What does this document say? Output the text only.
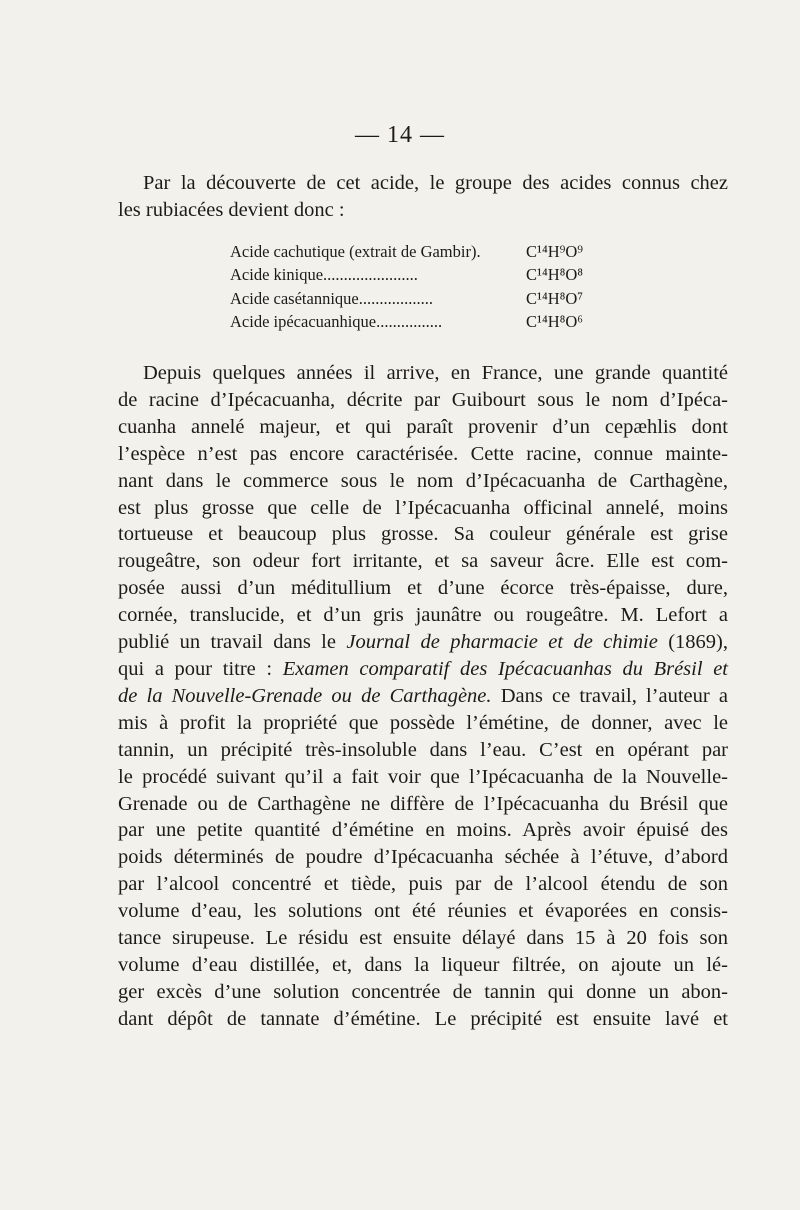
— 14 —
Par la découverte de cet acide, le groupe des acides connus chez
les rubiacées devient donc :
Acide cachutique (extrait de Gambir).	C¹⁴H⁹O⁹
Acide kinique.......................	C¹⁴H⁸O⁸
Acide casétannique..................	C¹⁴H⁸O⁷
Acide ipécacuanhique................	C¹⁴H⁸O⁶
Depuis quelques années il arrive, en France, une grande quantité
de racine d’Ipécacuanha, décrite par Guibourt sous le nom d’Ipéca-
cuanha annelé majeur, et qui paraît provenir d’un cepæhlis dont
l’espèce n’est pas encore caractérisée. Cette racine, connue mainte-
nant dans le commerce sous le nom d’Ipécacuanha de Carthagène,
est plus grosse que celle de l’Ipécacuanha officinal annelé, moins
tortueuse et beaucoup plus grosse. Sa couleur générale est grise
rougeâtre, son odeur fort irritante, et sa saveur âcre. Elle est com-
posée aussi d’un méditullium et d’une écorce très-épaisse, dure,
cornée, translucide, et d’un gris jaunâtre ou rougeâtre. M. Lefort a
publié un travail dans le Journal de pharmacie et de chimie (1869),
qui a pour titre : Examen comparatif des Ipécacuanhas du Brésil et
de la Nouvelle-Grenade ou de Carthagène. Dans ce travail, l’auteur a
mis à profit la propriété que possède l’émétine, de donner, avec le
tannin, un précipité très-insoluble dans l’eau. C’est en opérant par
le procédé suivant qu’il a fait voir que l’Ipécacuanha de la Nouvelle-
Grenade ou de Carthagène ne diffère de l’Ipécacuanha du Brésil que
par une petite quantité d’émétine en moins. Après avoir épuisé des
poids déterminés de poudre d’Ipécacuanha séchée à l’étuve, d’abord
par l’alcool concentré et tiède, puis par de l’alcool étendu de son
volume d’eau, les solutions ont été réunies et évaporées en consis-
tance sirupeuse. Le résidu est ensuite délayé dans 15 à 20 fois son
volume d’eau distillée, et, dans la liqueur filtrée, on ajoute un lé-
ger excès d’une solution concentrée de tannin qui donne un abon-
dant dépôt de tannate d’émétine. Le précipité est ensuite lavé et
